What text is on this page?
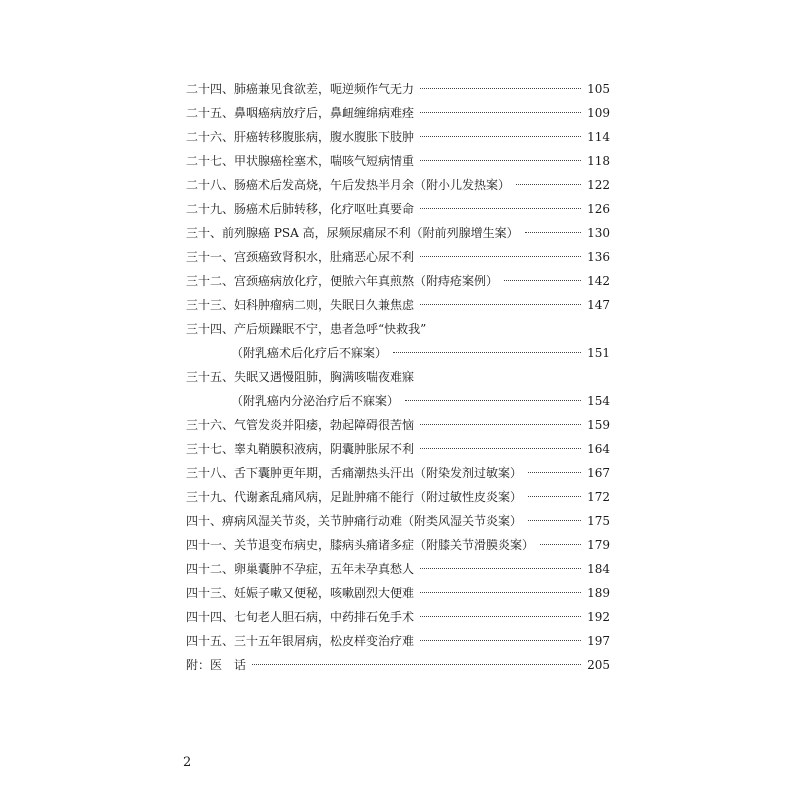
二十四、肺癌兼见食欲差，呃逆频作气无力	105
二十五、鼻咽癌病放疗后，鼻衄缠绵病难痊	109
二十六、肝癌转移腹胀病，腹水腹胀下肢肿	114
二十七、甲状腺癌栓塞术，喘咳气短病情重	118
二十八、肠癌术后发高烧，午后发热半月余（附小儿发热案）	122
二十九、肠癌术后肺转移，化疗呕吐真要命	126
三十、前列腺癌 PSA 高，尿频尿痛尿不利（附前列腺增生案）	130
三十一、宫颈癌致肾积水，肚痛恶心尿不利	136
三十二、宫颈癌病放化疗，便脓六年真煎熬（附痔疮案例）	142
三十三、妇科肿瘤病二则，失眠日久兼焦虑	147
三十四、产后烦躁眠不宁，患者急呼“快救我”
（附乳癌术后化疗后不寐案）	151
三十五、失眠又遇慢阻肺，胸满咳喘夜难寐
（附乳癌内分泌治疗后不寐案）	154
三十六、气管发炎并阳痿，勃起障碍很苦恼	159
三十七、睾丸鞘膜积液病，阴囊肿胀尿不利	164
三十八、舌下囊肿更年期，舌痛潮热头汗出（附染发剂过敏案）	167
三十九、代谢紊乱痛风病，足趾肿痛不能行（附过敏性皮炎案）	172
四十、痹病风湿关节炎，关节肿痛行动难（附类风湿关节炎案）	175
四十一、关节退变布病史，膝病头痛诸多症（附膝关节滑膜炎案）	179
四十二、卵巢囊肿不孕症，五年未孕真愁人	184
四十三、妊娠子嗽又便秘，咳嗽剧烈大便难	189
四十四、七旬老人胆石病，中药排石免手术	192
四十五、三十五年银屑病，松皮样变治疗难	197
附：医　话	205
2
